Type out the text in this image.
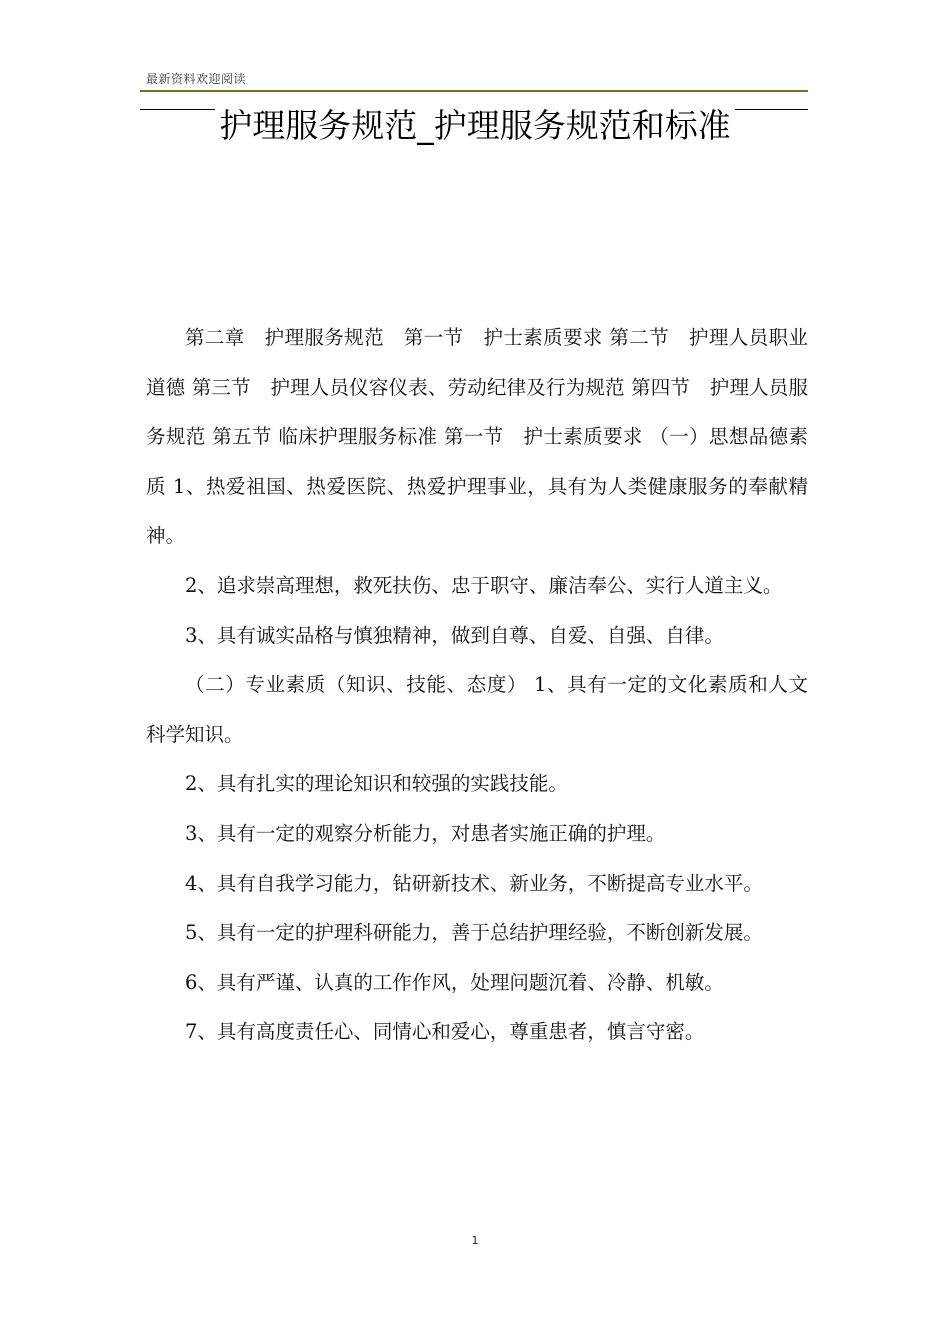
最新资料欢迎阅读
护理服务规范_护理服务规范和标准

第二章　护理服务规范　第一节　护士素质要求 第二节　护理人员职业道德 第三节　护理人员仪容仪表、劳动纪律及行为规范 第四节　护理人员服务规范 第五节 临床护理服务标准 第一节　护士素质要求 （一）思想品德素质 1、热爱祖国、热爱医院、热爱护理事业，具有为人类健康服务的奉献精神。

2、追求崇高理想，救死扶伤、忠于职守、廉洁奉公、实行人道主义。

3、具有诚实品格与慎独精神，做到自尊、自爱、自强、自律。

（二）专业素质（知识、技能、态度） 1、具有一定的文化素质和人文科学知识。

2、具有扎实的理论知识和较强的实践技能。

3、具有一定的观察分析能力，对患者实施正确的护理。

4、具有自我学习能力，钻研新技术、新业务，不断提高专业水平。

5、具有一定的护理科研能力，善于总结护理经验，不断创新发展。

6、具有严谨、认真的工作作风，处理问题沉着、冷静、机敏。

7、具有高度责任心、同情心和爱心，尊重患者，慎言守密。

1
